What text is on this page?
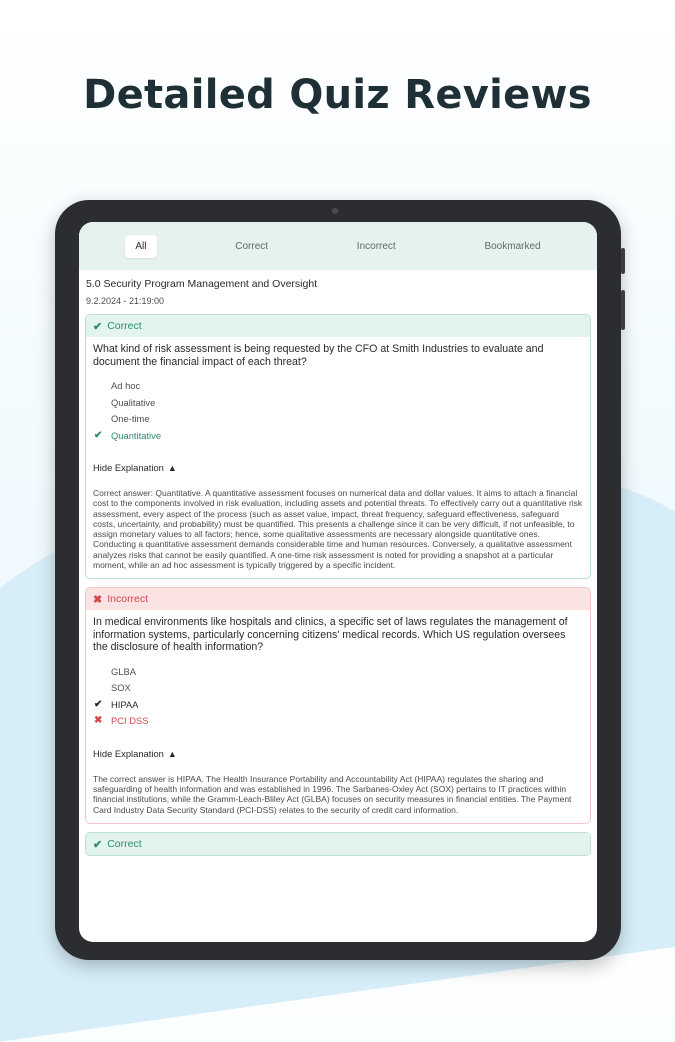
Detailed Quiz Reviews
All	Correct	Incorrect	Bookmarked
5.0 Security Program Management and Oversight
9.2.2024 - 21:19:00
✔ Correct
What kind of risk assessment is being requested by the CFO at Smith Industries to evaluate and document the financial impact of each threat?
Ad hoc
Qualitative
One-time
✔ Quantitative
Hide Explanation ▲
Correct answer: Quantitative. A quantitative assessment focuses on numerical data and dollar values. It aims to attach a financial cost to the components involved in risk evaluation, including assets and potential threats. To effectively carry out a quantitative risk assessment, every aspect of the process (such as asset value, impact, threat frequency, safeguard effectiveness, safeguard costs, uncertainty, and probability) must be quantified. This presents a challenge since it can be very difficult, if not unfeasible, to assign monetary values to all factors; hence, some qualitative assessments are necessary alongside quantitative ones. Conducting a quantitative assessment demands considerable time and human resources. Conversely, a qualitative assessment analyzes risks that cannot be easily quantified. A one-time risk assessment is noted for providing a snapshot at a particular moment, while an ad hoc assessment is typically triggered by a specific incident.
✖ Incorrect
In medical environments like hospitals and clinics, a specific set of laws regulates the management of information systems, particularly concerning citizens' medical records. Which US regulation oversees the disclosure of health information?
GLBA
SOX
✔ HIPAA
✖ PCI DSS
Hide Explanation ▲
The correct answer is HIPAA. The Health Insurance Portability and Accountability Act (HIPAA) regulates the sharing and safeguarding of health information and was established in 1996. The Sarbanes-Oxley Act (SOX) pertains to IT practices within financial institutions, while the Gramm-Leach-Bliley Act (GLBA) focuses on security measures in financial entities. The Payment Card Industry Data Security Standard (PCI-DSS) relates to the security of credit card information.
✔ Correct
